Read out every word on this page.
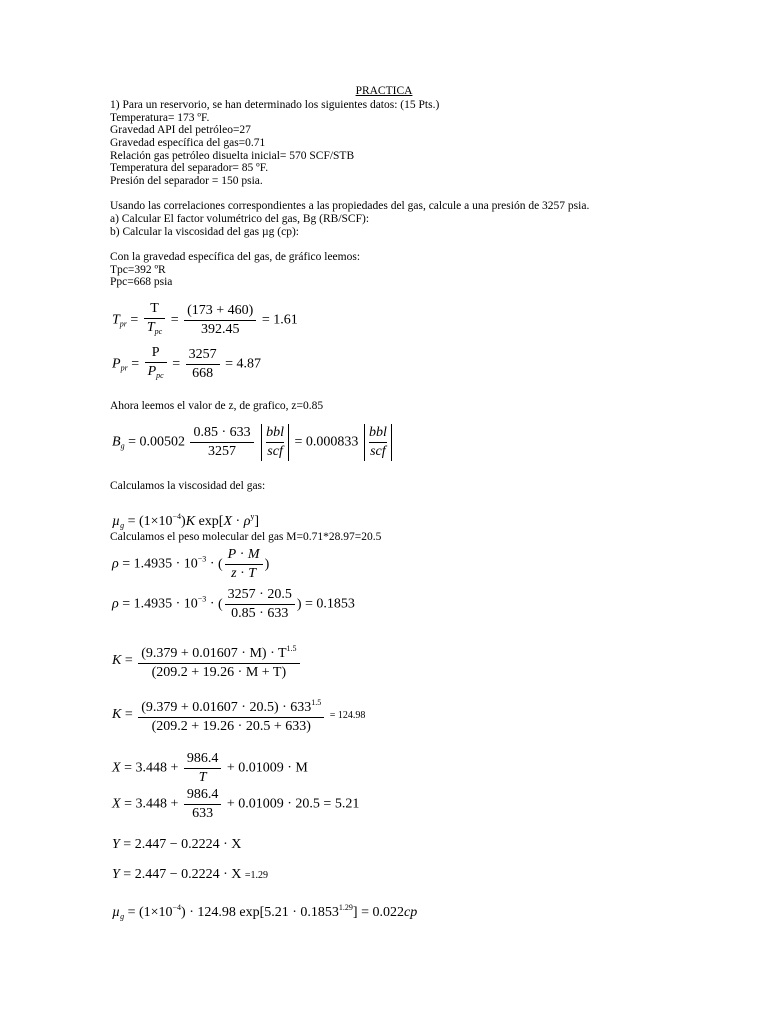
PRACTICA
1) Para un reservorio, se han determinado los siguientes datos: (15 Pts.)
Temperatura= 173 ºF.
Gravedad API del petróleo=27
Gravedad específica del gas=0.71
Relación gas petróleo disuelta inicial= 570 SCF/STB
Temperatura del separador= 85 ºF.
Presión del separador = 150 psia.
Usando las correlaciones correspondientes a las propiedades del gas, calcule a una presión de 3257 psia.
a) Calcular El factor volumétrico del gas, Bg (RB/SCF):
b) Calcular la viscosidad del gas µg (cp):
Con la gravedad específica del gas, de gráfico leemos:
Tpc=392 ºR
Ppc=668 psia
$T_{pr}$ =
T
$T_{pc}$
= $\frac{(173 + 460)}{392.45} = 1.61$
$P_{pr}$ =
P
$P_{pc}$
= $\frac{3257}{668} = 4.87$
Ahora leemos el valor de z, de grafico, z=0.85
$B_g = 0.00502 \frac{0.85 \cdot 633}{3257}$
bbl
scf
= 0.000833
bbl
scf
Calculamos la viscosidad del gas:
$\mu_g = (1\times 10^{-4})K$ $\exp[X \cdot \rho^y]$
Calculamos el peso molecular del gas M=0.71*28.97=20.5
$\rho = 1.4935 \cdot 10^{-3}$ · ( $\frac{P \cdot M}{z \cdot T}$ )
$\rho = 1.4935 \cdot 10^{-3}$ · ( $\frac{3257 \cdot 20.5}{0.85 \cdot 633}$ ) = 0.1853
$K = \frac{(9.379 + 0.01607 \cdot M) \cdot T^{1.5}}{(209.2 + 19.26 \cdot M + T)}$
$K = \frac{(9.379 + 0.01607 \cdot 20.5) \cdot 633^{1.5}}{(209.2 + 19.26 \cdot 20.5 + 633)} = 124.98$
$X = 3.448 + \frac{986.4}{T} + 0.01009 \cdot M$
$X = 3.448 + \frac{986.4}{633} + 0.01009 \cdot 20.5 = 5.21$
Y = 2.447 − 0.2224 · X
Y = 2.447 − 0.2224 · X =1.29
$\mu_g = (1\times 10^{-4}) \cdot 124.98$ $\exp[5.21 \cdot 0.1853^{1.29}] = 0.022cp$
